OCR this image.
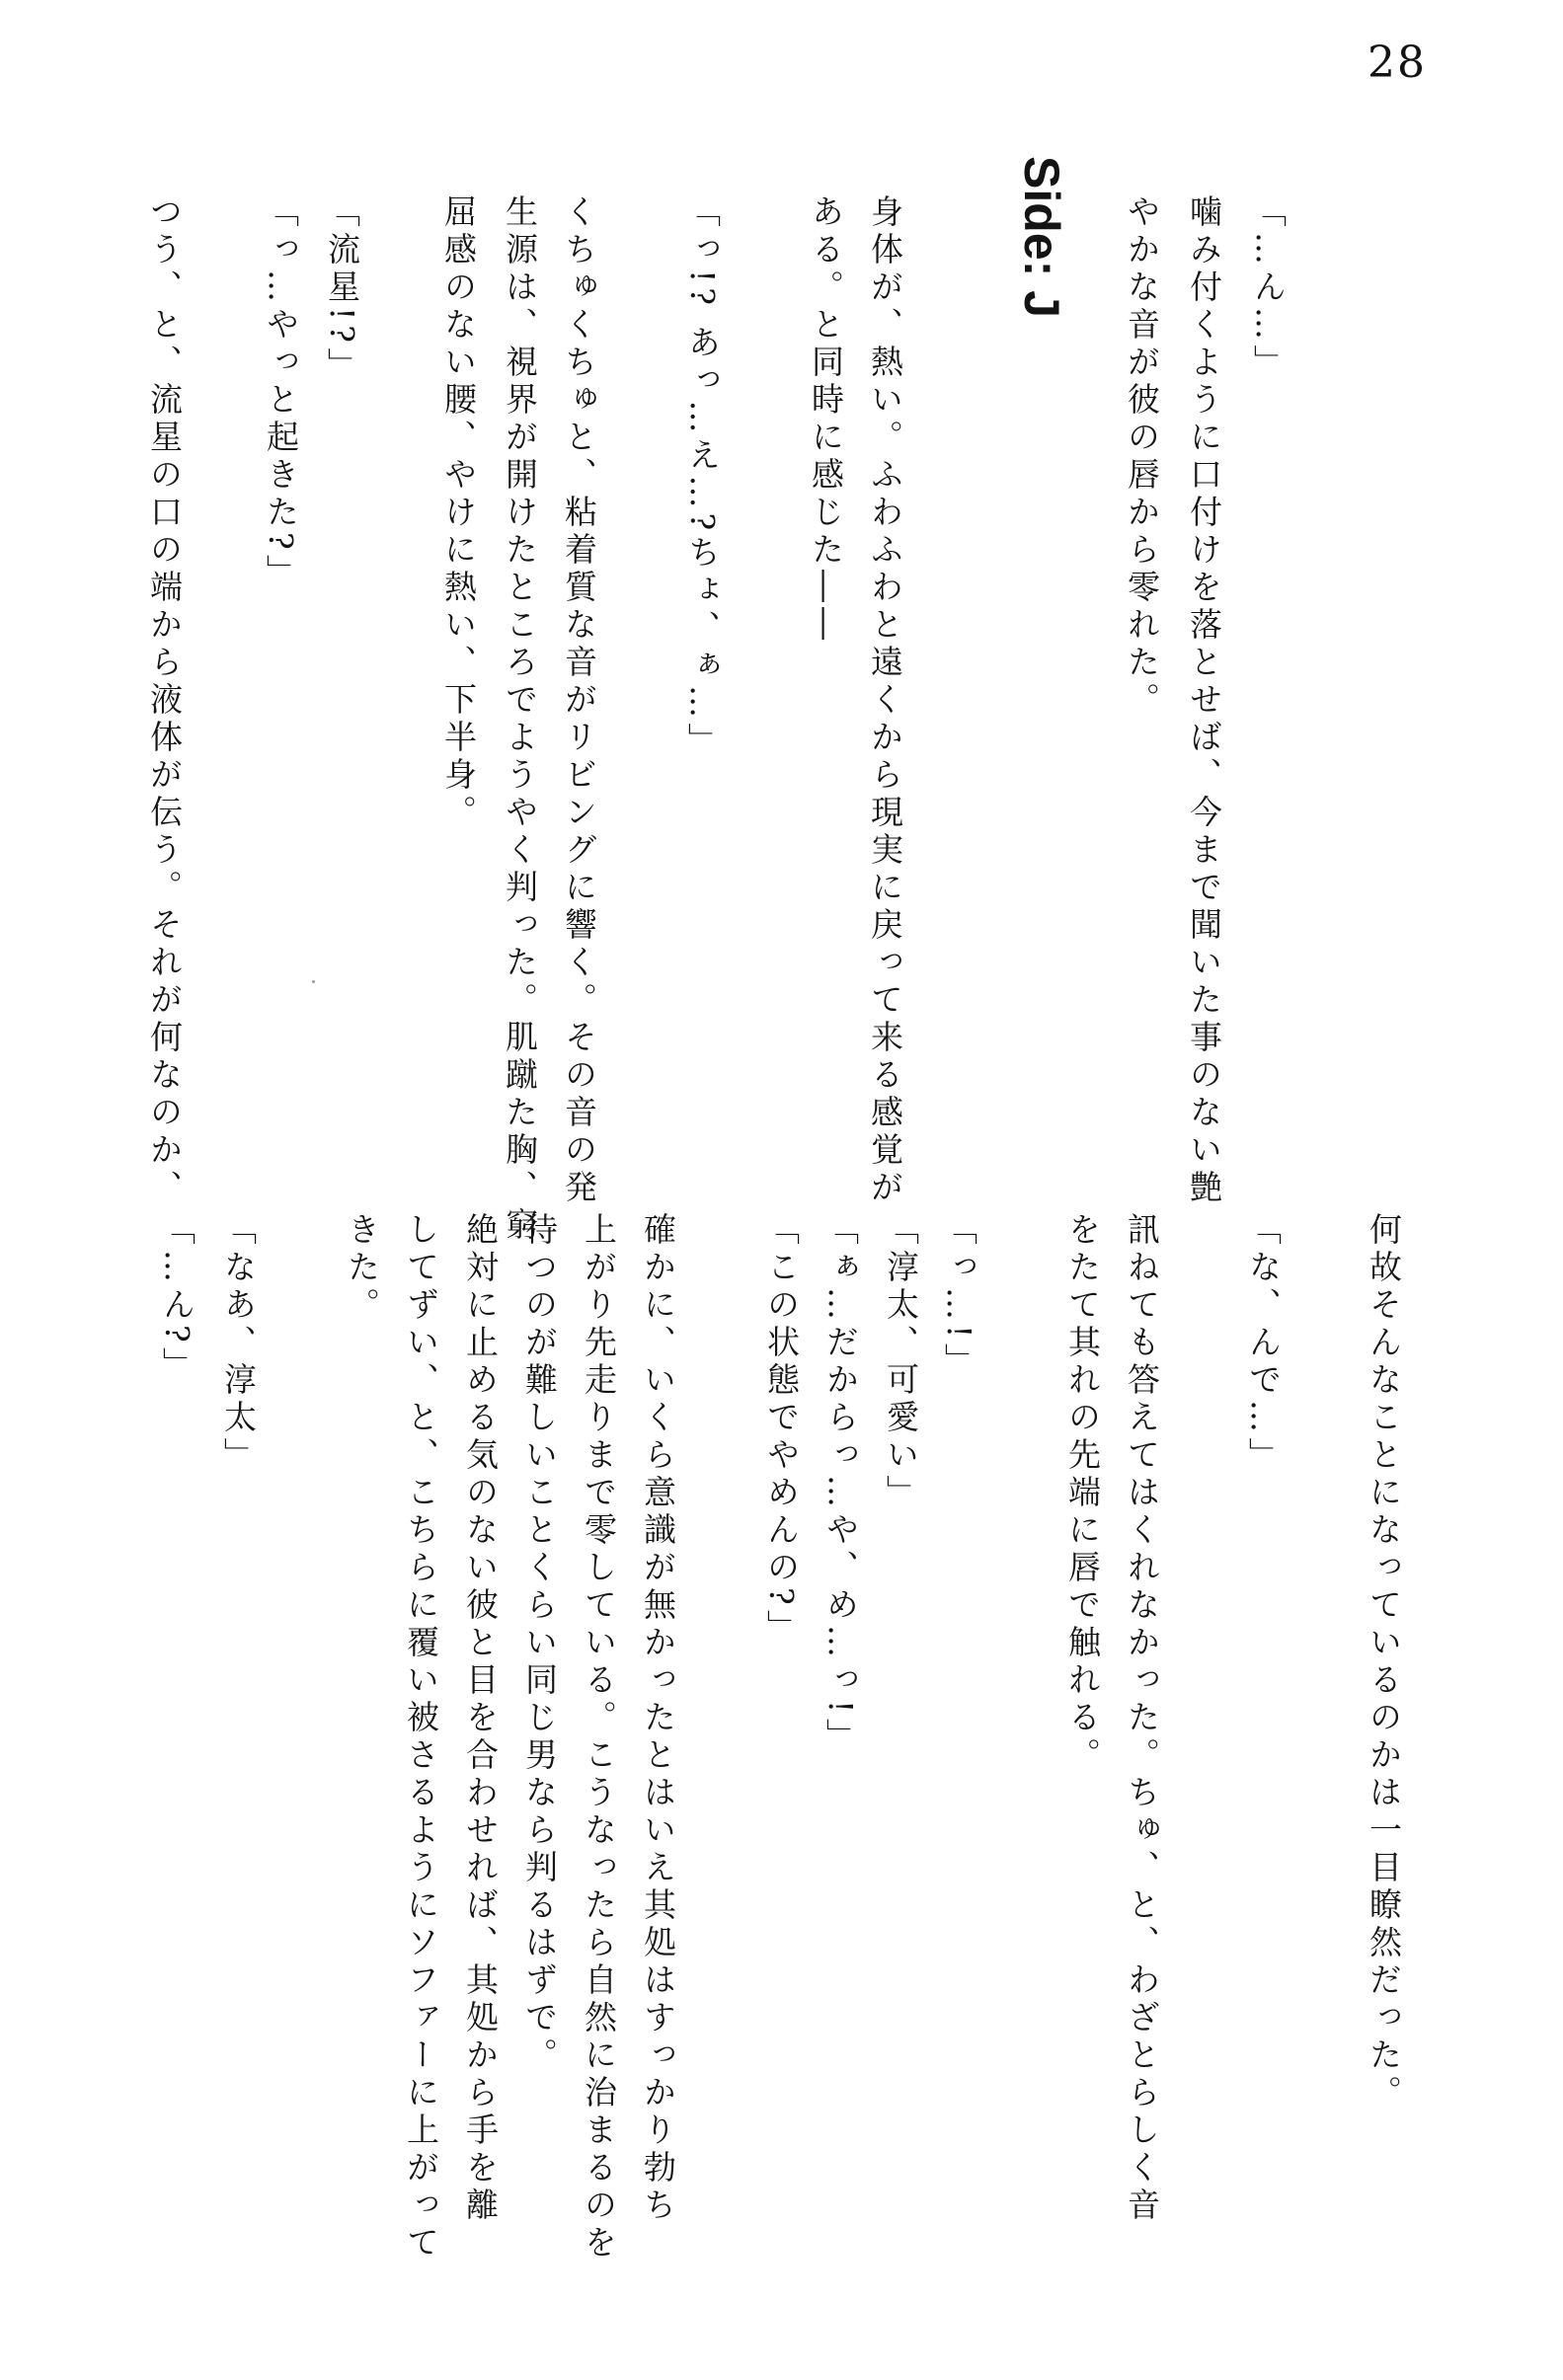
28
「…ん…」
噛み付くように口付けを落とせば、今まで聞いた事のない艶
やかな音が彼の唇から零れた。
Side: J
身体が、熱い。ふわふわと遠くから現実に戻って来る感覚が
ある。と同時に感じた――
「っ!? あっ…え…?ちょ、ぁ…」
くちゅくちゅと、粘着質な音がリビングに響く。その音の発
生源は、視界が開けたところでようやく判った。肌蹴た胸、窮
屈感のない腰、やけに熱い、下半身。
「流星!?」
「っ…やっと起きた?」
つう、と、流星の口の端から液体が伝う。それが何なのか、
何故そんなことになっているのかは一目瞭然だった。
「な、んで…」
訊ねても答えてはくれなかった。ちゅ、と、わざとらしく音
をたて其れの先端に唇で触れる。
「っ…!」
「淳太、可愛い」
「ぁ…だからっ…や、め…っ!」
「この状態でやめんの?」
確かに、いくら意識が無かったとはいえ其処はすっかり勃ち
上がり先走りまで零している。こうなったら自然に治まるのを
待つのが難しいことくらい同じ男なら判るはずで。
絶対に止める気のない彼と目を合わせれば、其処から手を離
してずい、と、こちらに覆い被さるようにソファーに上がって
きた。
「なあ、淳太」
「…ん?」
